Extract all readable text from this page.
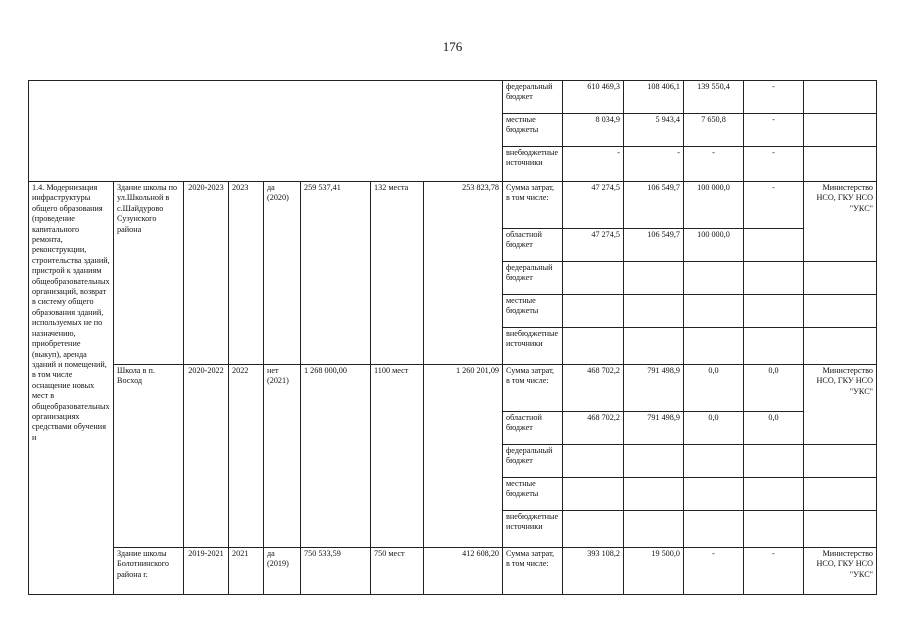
176
								федеральный бюджет	610 469,3	108 406,1	139 550,4	-	
								местные бюджеты	8 034,9	5 943,4	7 650,8	-	
								внебюджетные источники	-	-	-	-	
1.4. Модернизация инфраструктуры общего образования (проведение капитального ремонта, реконструкции, строительства зданий, пристрой к зданиям общеобразовательных организаций, возврат в систему общего образования зданий, используемых не по назначению, приобретение (выкуп), аренда зданий и помещений, в том числе оснащение новых мест в общеобразовательных организациях средствами обучения и	Здание школы по ул.Школьной в с.Шайдурово Сузунского района	2020-2023	2023	да (2020)	259 537,41	132 места	253 823,78	Сумма затрат, в том числе:	47 274,5	106 549,7	100 000,0	-	Министерство НСО, ГКУ НСО "УКС"
								областной бюджет	47 274,5	106 549,7	100 000,0		
								федеральный бюджет					
								местные бюджеты					
								внебюджетные источники					
	Школа в п. Восход	2020-2022	2022	нет (2021)	1 268 000,00	1100 мест	1 260 201,09	Сумма затрат, в том числе:	468 702,2	791 498,9	0,0	0,0	Министерство НСО, ГКУ НСО "УКС"
								областной бюджет	468 702,2	791 498,9	0,0	0,0	
								федеральный бюджет					
								местные бюджеты					
								внебюджетные источники					
	Здание школы Болотнинского района г.	2019-2021	2021	да (2019)	750 533,59	750 мест	412 608,20	Сумма затрат, в том числе:	393 108,2	19 500,0	-	-	Министерство НСО, ГКУ НСО "УКС"
